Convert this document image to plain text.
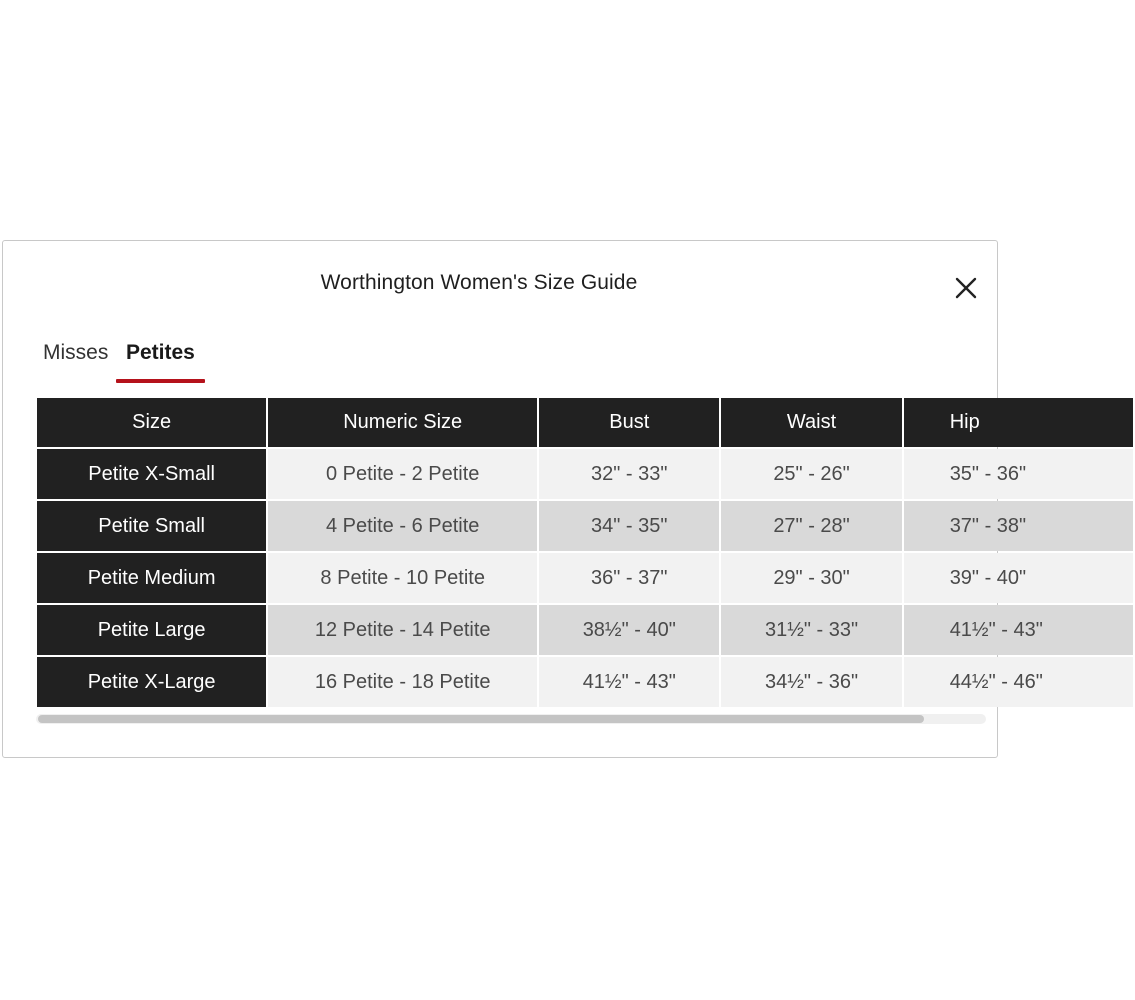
Worthington Women's Size Guide
Misses Petites
Size	Numeric Size	Bust	Waist	Hip
Petite X-Small	0 Petite - 2 Petite	32" - 33"	25" - 26"	35" - 36"
Petite Small	4 Petite - 6 Petite	34" - 35"	27" - 28"	37" - 38"
Petite Medium	8 Petite - 10 Petite	36" - 37"	29" - 30"	39" - 40"
Petite Large	12 Petite - 14 Petite	38½" - 40"	31½" - 33"	41½" - 43"
Petite X-Large	16 Petite - 18 Petite	41½" - 43"	34½" - 36"	44½" - 46"
